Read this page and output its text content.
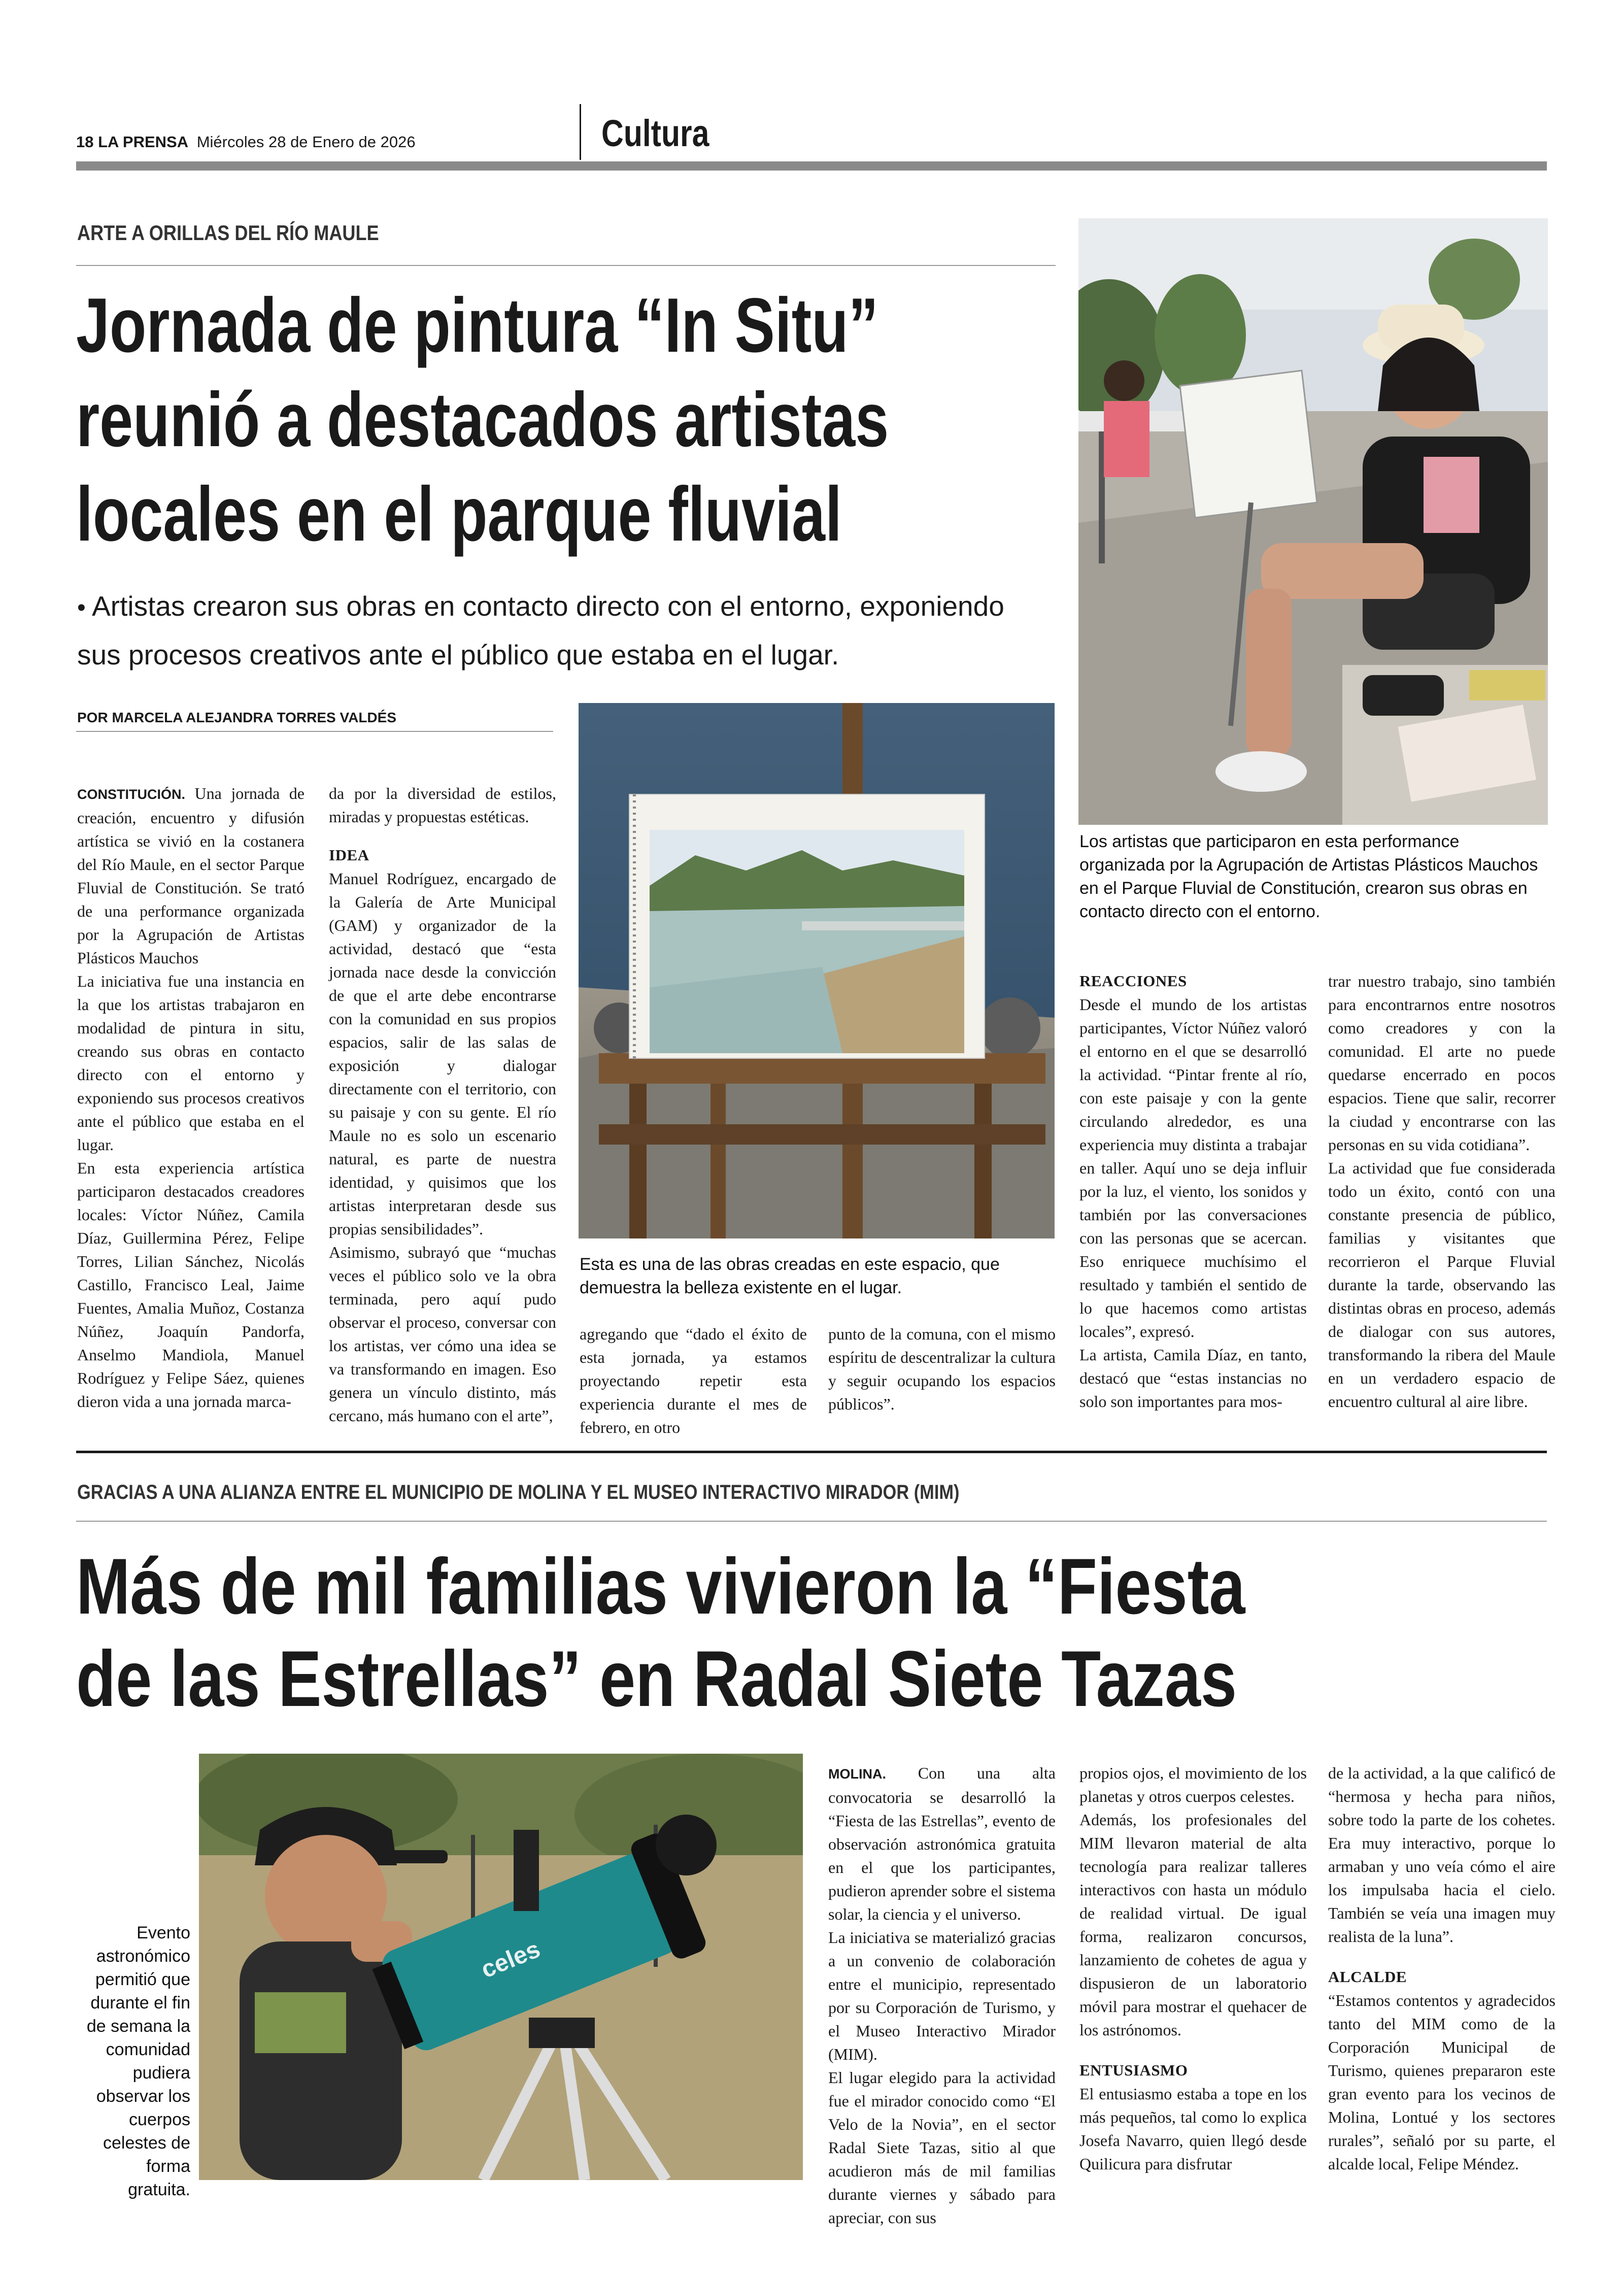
18 LA PRENSA Miércoles 28 de Enero de 2026	Cultura
ARTE A ORILLAS DEL RÍO MAULE
Jornada de pintura “In Situ”
reunió a destacados artistas
locales en el parque fluvial
• Artistas crearon sus obras en contacto directo con el entorno, exponiendo
sus procesos creativos ante el público que estaba en el lugar.
POR MARCELA ALEJANDRA TORRES VALDÉS

CONSTITUCIÓN. Una jornada de creación, encuentro y difusión artística se vivió en la costanera del Río Maule, en el sector Parque Fluvial de Constitución. Se trató de una performance organizada por la Agrupación de Artistas Plásticos Mauchos

La iniciativa fue una instancia en la que los artistas trabajaron en modalidad de pintura in situ, creando sus obras en contacto directo con el entorno y exponiendo sus procesos creativos ante el público que estaba en el lugar.

En esta experiencia artística participaron destacados creadores locales: Víctor Núñez, Camila Díaz, Guillermina Pérez, Felipe Torres, Lilian Sánchez, Nicolás Castillo, Francisco Leal, Jaime Fuentes, Amalia Muñoz, Costanza Núñez, Joaquín Pandorfa, Anselmo Mandiola, Manuel Rodríguez y Felipe Sáez, quienes dieron vida a una jornada marca-

da por la diversidad de estilos, miradas y propuestas estéticas.

IDEA

Manuel Rodríguez, encargado de la Galería de Arte Municipal (GAM) y organizador de la actividad, destacó que “esta jornada nace desde la convicción de que el arte debe encontrarse con la comunidad en sus propios espacios, salir de las salas de exposición y dialogar directamente con el territorio, con su paisaje y con su gente. El río Maule no es solo un escenario natural, es parte de nuestra identidad, y quisimos que los artistas interpretaran desde sus propias sensibilidades”.

Asimismo, subrayó que “muchas veces el público solo ve la obra terminada, pero aquí pudo observar el proceso, conversar con los artistas, ver cómo una idea se va transformando en imagen. Eso genera un vínculo distinto, más cercano, más humano con el arte”,

Esta es una de las obras creadas en este espacio, que demuestra la belleza existente en el lugar.

agregando que “dado el éxito de esta jornada, ya estamos proyectando repetir esta experiencia durante el mes de febrero, en otro

punto de la comuna, con el mismo espíritu de descentralizar la cultura y seguir ocupando los espacios públicos”.

Los artistas que participaron en esta performance organizada por la Agrupación de Artistas Plásticos Mauchos en el Parque Fluvial de Constitución, crearon sus obras en contacto directo con el entorno.

REACCIONES

Desde el mundo de los artistas participantes, Víctor Núñez valoró el entorno en el que se desarrolló la actividad. “Pintar frente al río, con este paisaje y con la gente circulando alrededor, es una experiencia muy distinta a trabajar en taller. Aquí uno se deja influir por la luz, el viento, los sonidos y también por las conversaciones con las personas que se acercan. Eso enriquece muchísimo el resultado y también el sentido de lo que hacemos como artistas locales”, expresó.

La artista, Camila Díaz, en tanto, destacó que “estas instancias no solo son importantes para mos-

trar nuestro trabajo, sino también para encontrarnos entre nosotros como creadores y con la comunidad. El arte no puede quedarse encerrado en pocos espacios. Tiene que salir, recorrer la ciudad y encontrarse con las personas en su vida cotidiana”.

La actividad que fue considerada todo un éxito, contó con una constante presencia de público, familias y visitantes que recorrieron el Parque Fluvial durante la tarde, observando las distintas obras en proceso, además de dialogar con sus autores, transformando la ribera del Maule en un verdadero espacio de encuentro cultural al aire libre.

GRACIAS A UNA ALIANZA ENTRE EL MUNICIPIO DE MOLINA Y EL MUSEO INTERACTIVO MIRADOR (MIM)
Más de mil familias vivieron la “Fiesta
de las Estrellas” en Radal Siete Tazas
Evento astronómico permitió que durante el fin de semana la comunidad pudiera observar los cuerpos celestes de forma gratuita.
celes

MOLINA. Con una alta convocatoria se desarrolló la “Fiesta de las Estrellas”, evento de observación astronómica gratuita en el que los participantes, pudieron aprender sobre el sistema solar, la ciencia y el universo.

La iniciativa se materializó gracias a un convenio de colaboración entre el municipio, representado por su Corporación de Turismo, y el Museo Interactivo Mirador (MIM).

El lugar elegido para la actividad fue el mirador conocido como “El Velo de la Novia”, en el sector Radal Siete Tazas, sitio al que acudieron más de mil familias durante viernes y sábado para apreciar, con sus

propios ojos, el movimiento de los planetas y otros cuerpos celestes.

Además, los profesionales del MIM llevaron material de alta tecnología para realizar talleres interactivos con hasta un módulo de realidad virtual. De igual forma, realizaron concursos, lanzamiento de cohetes de agua y dispusieron de un laboratorio móvil para mostrar el quehacer de los astrónomos.

ENTUSIASMO

El entusiasmo estaba a tope en los más pequeños, tal como lo explica Josefa Navarro, quien llegó desde Quilicura para disfrutar

de la actividad, a la que calificó de “hermosa y hecha para niños, sobre todo la parte de los cohetes. Era muy interactivo, porque lo armaban y uno veía cómo el aire los impulsaba hacia el cielo. También se veía una imagen muy realista de la luna”.

ALCALDE

“Estamos contentos y agradecidos tanto del MIM como de la Corporación Municipal de Turismo, quienes prepararon este gran evento para los vecinos de Molina, Lontué y los sectores rurales”, señaló por su parte, el alcalde local, Felipe Méndez.
